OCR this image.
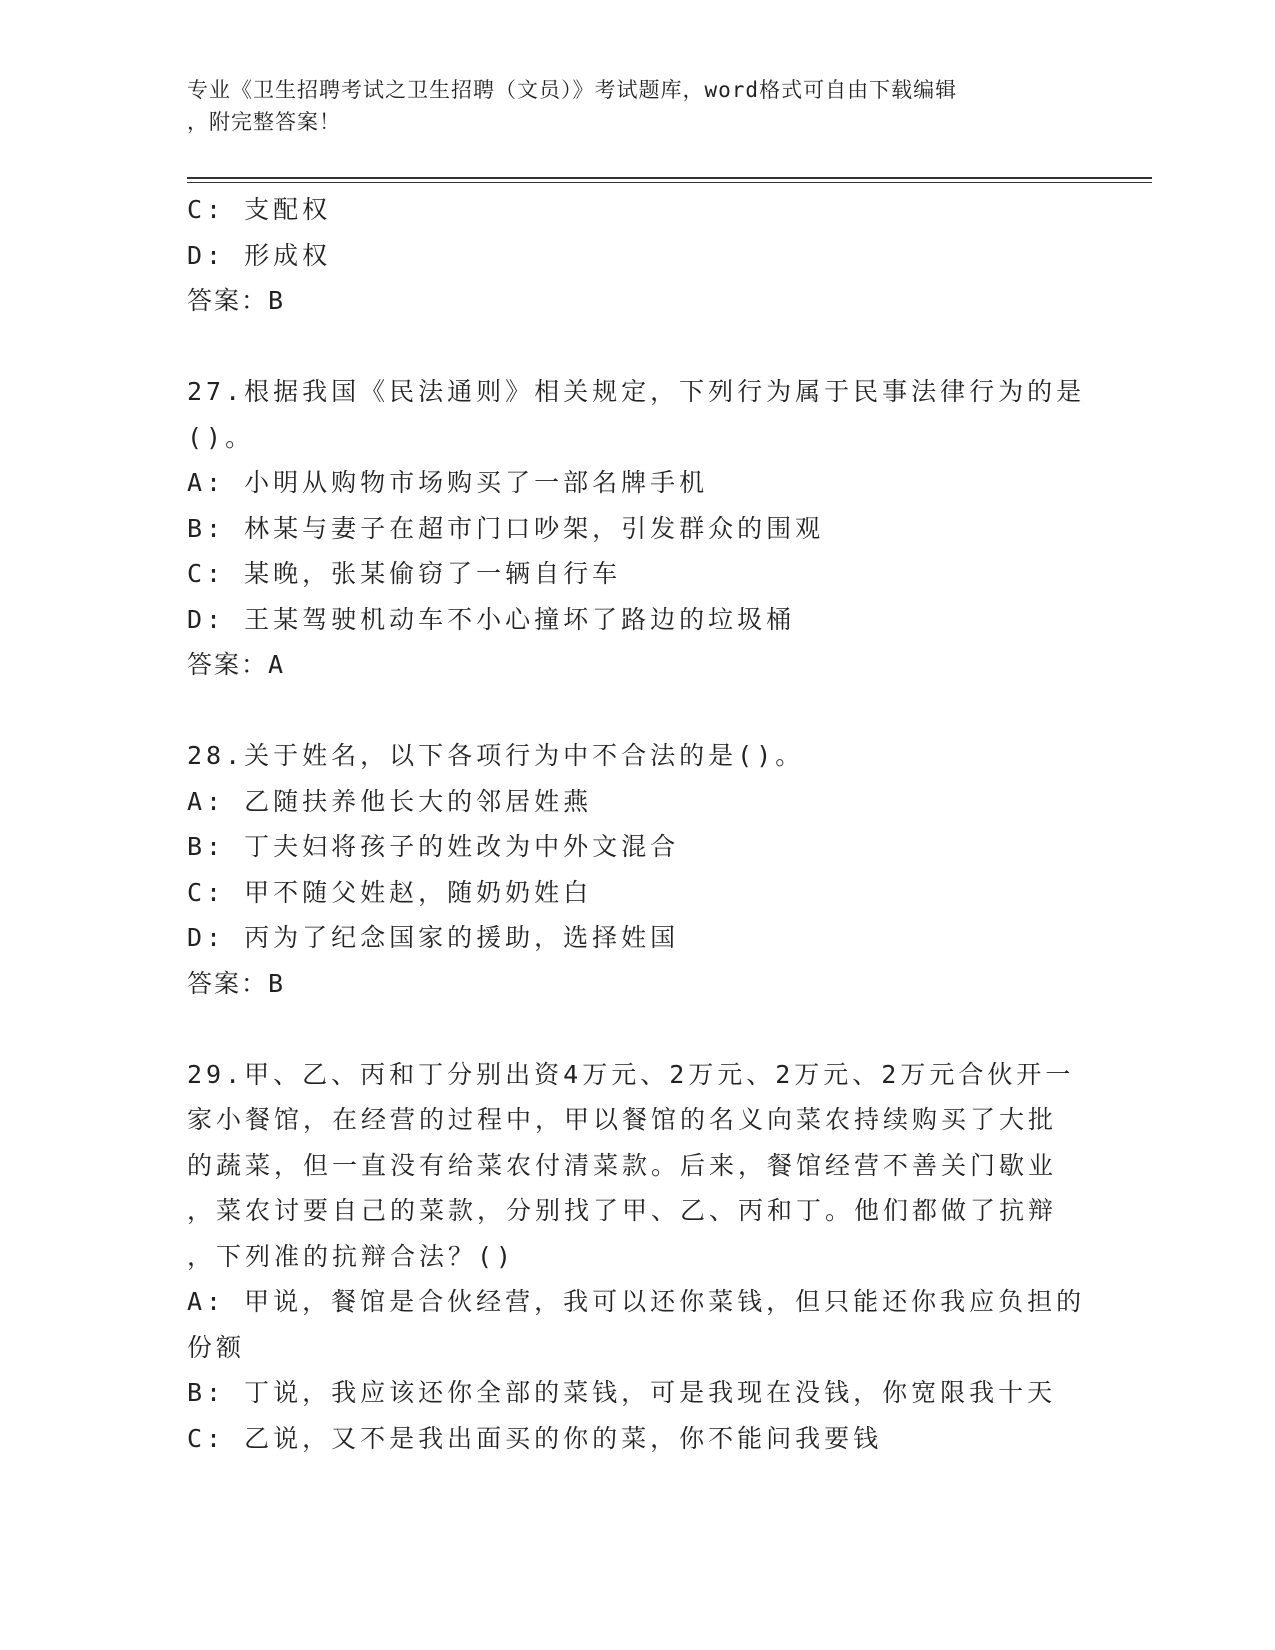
专业《卫生招聘考试之卫生招聘（文员）》考试题库，word格式可自由下载编辑
，附完整答案！
C: 支配权
D: 形成权
答案：B
27.根据我国《民法通则》相关规定，下列行为属于民事法律行为的是
()。
A: 小明从购物市场购买了一部名牌手机
B: 林某与妻子在超市门口吵架，引发群众的围观
C: 某晚，张某偷窃了一辆自行车
D: 王某驾驶机动车不小心撞坏了路边的垃圾桶
答案：A
28.关于姓名，以下各项行为中不合法的是()。
A: 乙随扶养他长大的邻居姓燕
B: 丁夫妇将孩子的姓改为中外文混合
C: 甲不随父姓赵，随奶奶姓白
D: 丙为了纪念国家的援助，选择姓国
答案：B
29.甲、乙、丙和丁分别出资4万元、2万元、2万元、2万元合伙开一
家小餐馆，在经营的过程中，甲以餐馆的名义向菜农持续购买了大批
的蔬菜，但一直没有给菜农付清菜款。后来，餐馆经营不善关门歇业
，菜农讨要自己的菜款，分别找了甲、乙、丙和丁。他们都做了抗辩
，下列准的抗辩合法？()
A: 甲说，餐馆是合伙经营，我可以还你菜钱，但只能还你我应负担的
份额
B: 丁说，我应该还你全部的菜钱，可是我现在没钱，你宽限我十天
C: 乙说，又不是我出面买的你的菜，你不能问我要钱
